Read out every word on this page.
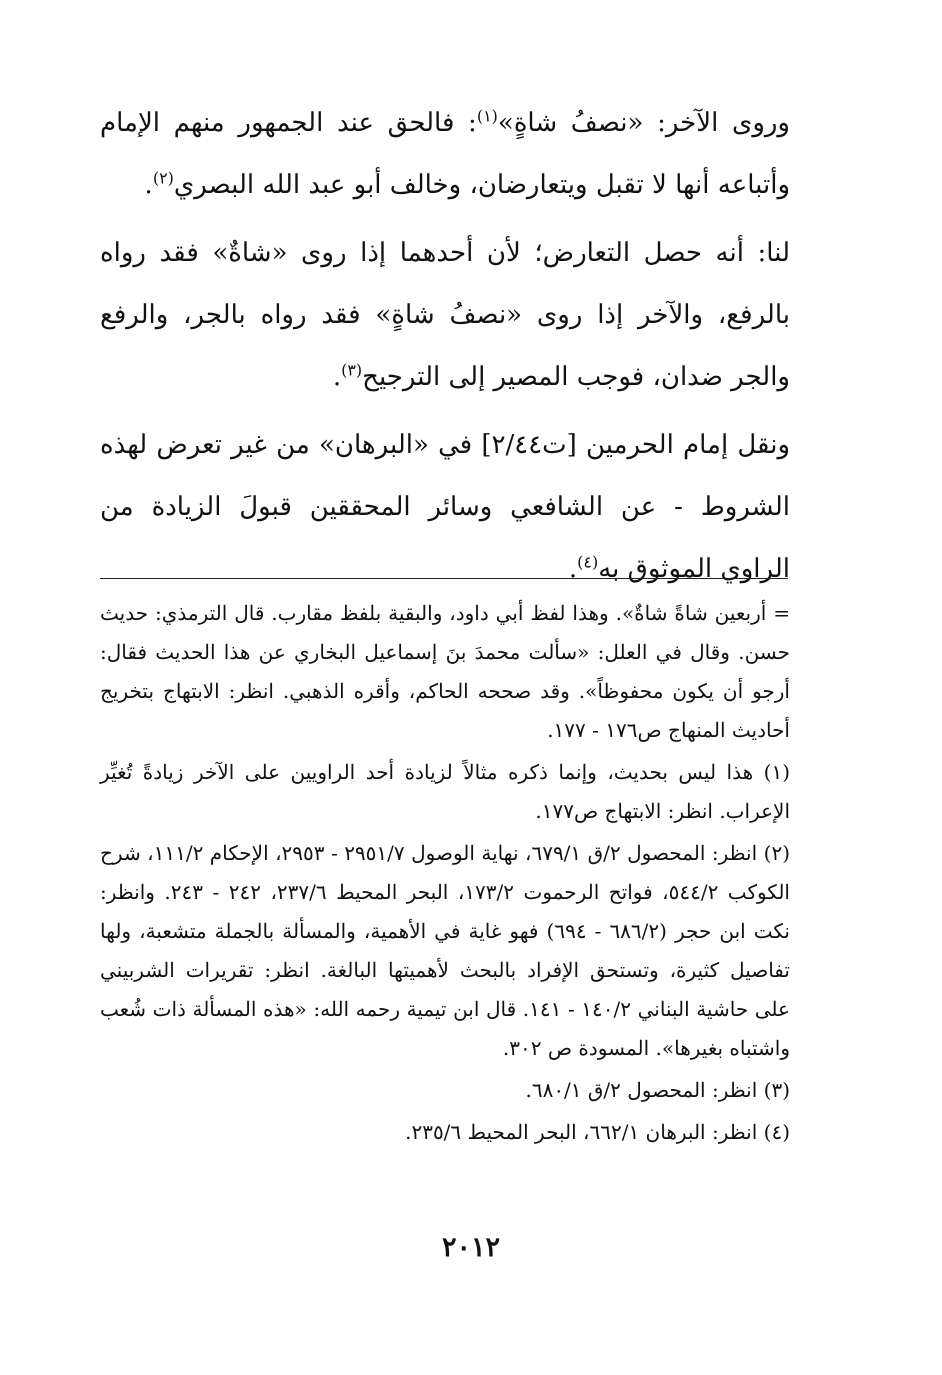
وروى الآخر: «نصفُ شاةٍ»$^{(١)}$: فالحق عند الجمهور منهم الإمام وأتباعه أنها لا تقبل ويتعارضان، وخالف أبو عبد الله البصري$^{(٢)}$.

لنا: أنه حصل التعارض؛ لأن أحدهما إذا روى «شاةٌ» فقد رواه بالرفع، والآخر إذا روى «نصفُ شاةٍ» فقد رواه بالجر، والرفع والجر ضدان، فوجب المصير إلى الترجيح$^{(٣)}$.

ونقل إمام الحرمين [ت٢/٤٤] في «البرهان» من غير تعرض لهذه الشروط - عن الشافعي وسائر المحققين قبولَ الزيادة من الراوي الموثوق به$^{(٤)}$.

= أربعين شاةً شاةٌ». وهذا لفظ أبي داود، والبقية بلفظ مقارب. قال الترمذي: حديث حسن. وقال في العلل: «سألت محمدَ بنَ إسماعيل البخاري عن هذا الحديث فقال: أرجو أن يكون محفوظاً». وقد صححه الحاكم، وأقره الذهبي. انظر: الابتهاج بتخريج أحاديث المنهاج ص١٧٦ - ١٧٧.

(١) هذا ليس بحديث، وإنما ذكره مثالاً لزيادة أحد الراويين على الآخر زيادةً تُغيِّر الإعراب. انظر: الابتهاج ص١٧٧.

(٢) انظر: المحصول ٢/ق ٦٧٩/١، نهاية الوصول ٢٩٥١/٧ - ٢٩٥٣، الإحكام ١١١/٢، شرح الكوكب ٥٤٤/٢، فواتح الرحموت ١٧٣/٢، البحر المحيط ٢٣٧/٦، ٢٤٢ - ٢٤٣. وانظر: نكت ابن حجر (٦٨٦/٢ - ٦٩٤) فهو غاية في الأهمية، والمسألة بالجملة متشعبة، ولها تفاصيل كثيرة، وتستحق الإفراد بالبحث لأهميتها البالغة. انظر: تقريرات الشربيني على حاشية البناني ١٤٠/٢ - ١٤١. قال ابن تيمية رحمه الله: «هذه المسألة ذات شُعب واشتباه بغيرها». المسودة ص ٣٠٢.

(٣) انظر: المحصول ٢/ق ٦٨٠/١.

(٤) انظر: البرهان ٦٦٢/١، البحر المحيط ٢٣٥/٦.

٢٠١٢
